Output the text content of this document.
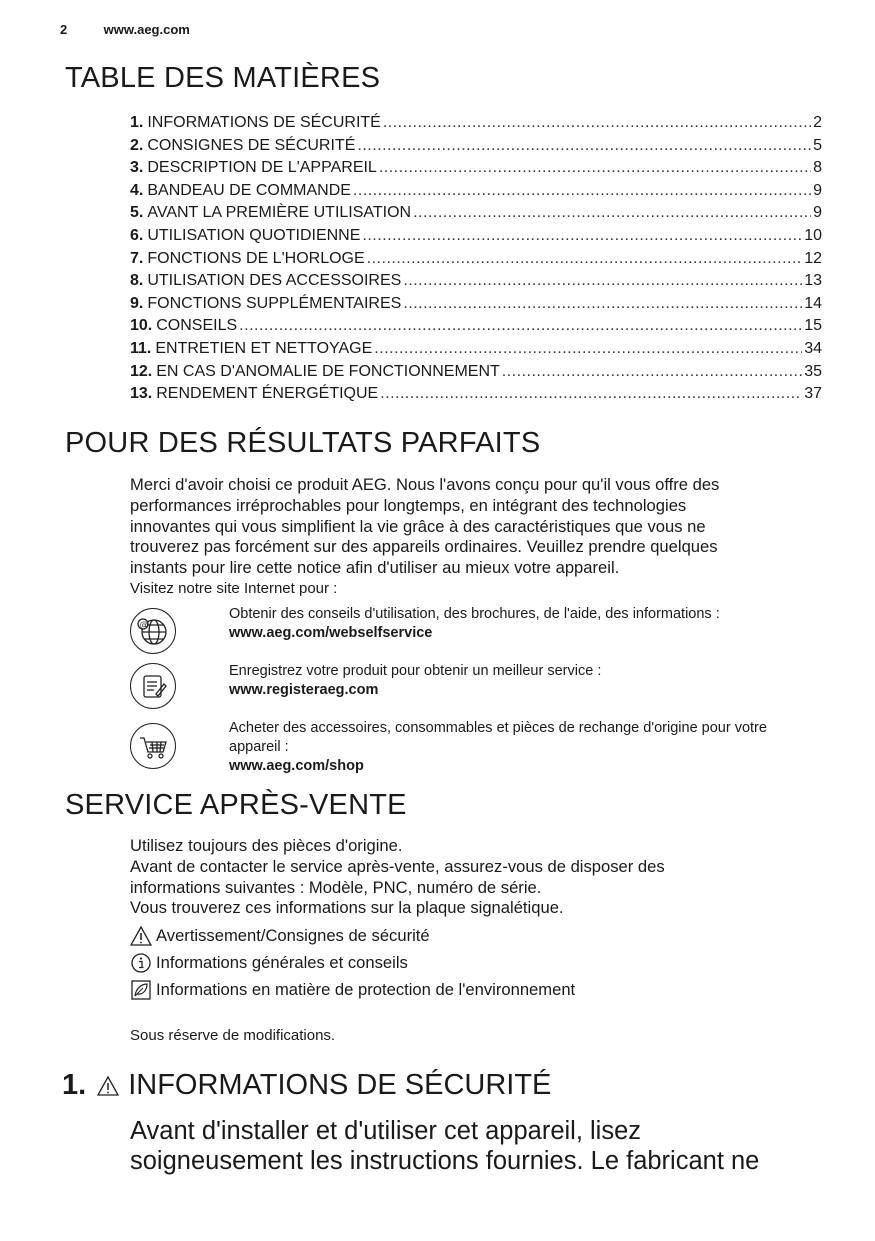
2	www.aeg.com
TABLE DES MATIÈRES
1. INFORMATIONS DE SÉCURITÉ .....	2
2. CONSIGNES DE SÉCURITÉ .....	5
3. DESCRIPTION DE L'APPAREIL .....	8
4. BANDEAU DE COMMANDE .....	9
5. AVANT LA PREMIÈRE UTILISATION .....	9
6. UTILISATION QUOTIDIENNE .....	10
7. FONCTIONS DE L'HORLOGE .....	12
8. UTILISATION DES ACCESSOIRES .....	13
9. FONCTIONS SUPPLÉMENTAIRES .....	14
10. CONSEILS .....	15
11. ENTRETIEN ET NETTOYAGE .....	34
12. EN CAS D'ANOMALIE DE FONCTIONNEMENT .....	35
13. RENDEMENT ÉNERGÉTIQUE .....	37
POUR DES RÉSULTATS PARFAITS

Merci d'avoir choisi ce produit AEG. Nous l'avons conçu pour qu'il vous offre des

performances irréprochables pour longtemps, en intégrant des technologies

innovantes qui vous simplifient la vie grâce à des caractéristiques que vous ne

trouverez pas forcément sur des appareils ordinaires. Veuillez prendre quelques

instants pour lire cette notice afin d'utiliser au mieux votre appareil.

Visitez notre site Internet pour :

@
Obtenir des conseils d'utilisation, des brochures, de l'aide, des informations :
www.aeg.com/webselfservice
Enregistrez votre produit pour obtenir un meilleur service :
www.registeraeg.com
Acheter des accessoires, consommables et pièces de rechange d'origine pour votre appareil :
www.aeg.com/shop
SERVICE APRÈS-VENTE

Utilisez toujours des pièces d'origine.

Avant de contacter le service après-vente, assurez-vous de disposer des

informations suivantes : Modèle, PNC, numéro de série.

Vous trouverez ces informations sur la plaque signalétique.

Avertissement/Consignes de sécurité
Informations générales et conseils
Informations en matière de protection de l'environnement
Sous réserve de modifications.
1. INFORMATIONS DE SÉCURITÉ
Avant d'installer et d'utiliser cet appareil, lisez
soigneusement les instructions fournies. Le fabricant ne
